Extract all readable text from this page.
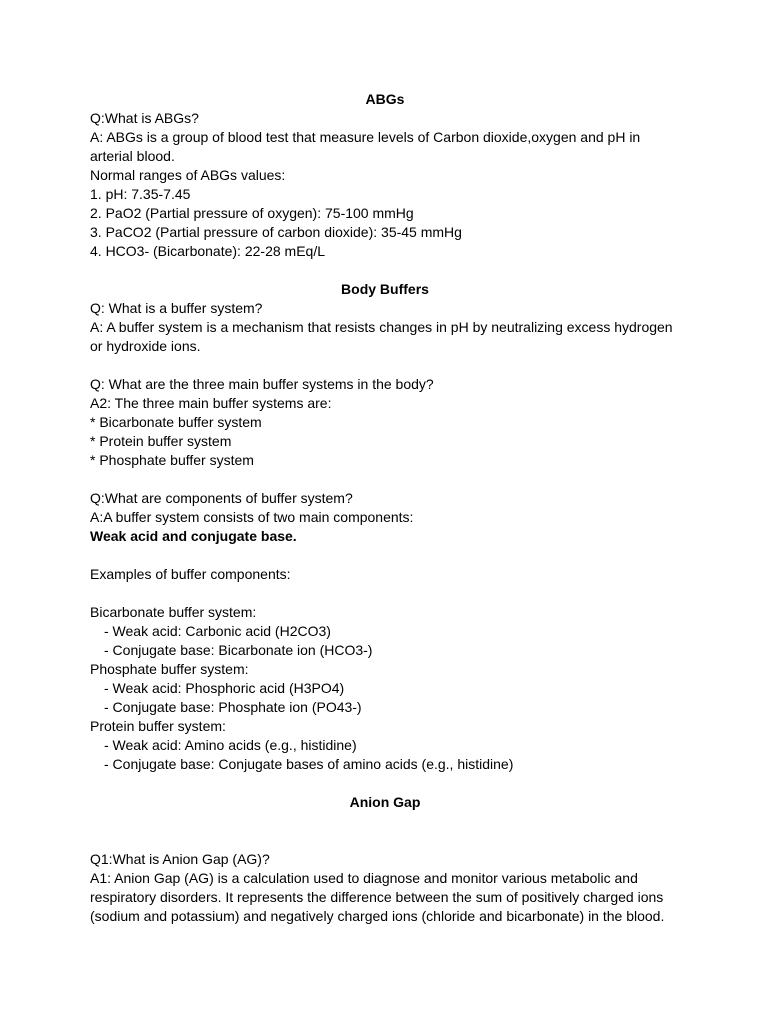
ABGs
Q:What is ABGs?
A: ABGs is a group of blood test that measure levels of Carbon dioxide,oxygen and pH in arterial blood.
Normal ranges of ABGs values:
1. pH: 7.35-7.45
2. PaO2 (Partial pressure of oxygen): 75-100 mmHg
3. PaCO2 (Partial pressure of carbon dioxide): 35-45 mmHg
4. HCO3- (Bicarbonate): 22-28 mEq/L
Body Buffers
Q: What is a buffer system?
A: A buffer system is a mechanism that resists changes in pH by neutralizing excess hydrogen or hydroxide ions.
Q: What are the three main buffer systems in the body?
A2: The three main buffer systems are:
* Bicarbonate buffer system
* Protein buffer system
* Phosphate buffer system
Q:What are components of buffer system?
A:A buffer system consists of two main components:
Weak acid and conjugate base.
Examples of buffer components:
Bicarbonate buffer system:
- Weak acid: Carbonic acid (H2CO3)
- Conjugate base: Bicarbonate ion (HCO3-)
Phosphate buffer system:
- Weak acid: Phosphoric acid (H3PO4)
- Conjugate base: Phosphate ion (PO43-)
Protein buffer system:
- Weak acid: Amino acids (e.g., histidine)
- Conjugate base: Conjugate bases of amino acids (e.g., histidine)
Anion Gap
Q1:What is Anion Gap (AG)?
A1: Anion Gap (AG) is a calculation used to diagnose and monitor various metabolic and respiratory disorders. It represents the difference between the sum of positively charged ions (sodium and potassium) and negatively charged ions (chloride and bicarbonate) in the blood.
